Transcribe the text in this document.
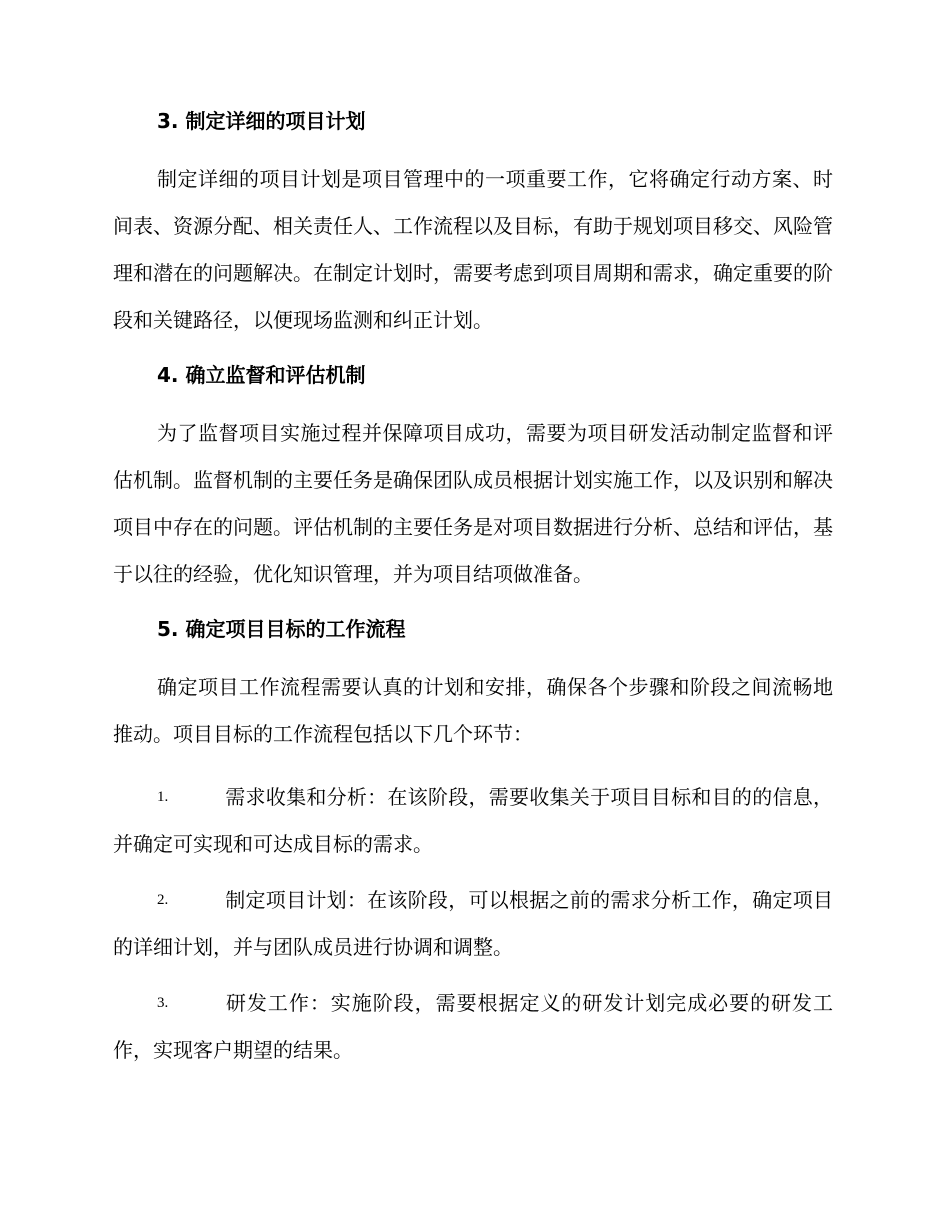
3. 制定详细的项目计划

制定详细的项目计划是项目管理中的一项重要工作，它将确定行动方案、时间表、资源分配、相关责任人、工作流程以及目标，有助于规划项目移交、风险管理和潜在的问题解决。在制定计划时，需要考虑到项目周期和需求，确定重要的阶段和关键路径，以便现场监测和纠正计划。

4. 确立监督和评估机制

为了监督项目实施过程并保障项目成功，需要为项目研发活动制定监督和评估机制。监督机制的主要任务是确保团队成员根据计划实施工作，以及识别和解决项目中存在的问题。评估机制的主要任务是对项目数据进行分析、总结和评估，基于以往的经验，优化知识管理，并为项目结项做准备。

5. 确定项目目标的工作流程

确定项目工作流程需要认真的计划和安排，确保各个步骤和阶段之间流畅地推动。项目目标的工作流程包括以下几个环节：

1.	需求收集和分析：在该阶段，需要收集关于项目目标和目的的信息，并确定可实现和可达成目标的需求。

2.	制定项目计划：在该阶段，可以根据之前的需求分析工作，确定项目的详细计划，并与团队成员进行协调和调整。

3.	研发工作：实施阶段，需要根据定义的研发计划完成必要的研发工作，实现客户期望的结果。
